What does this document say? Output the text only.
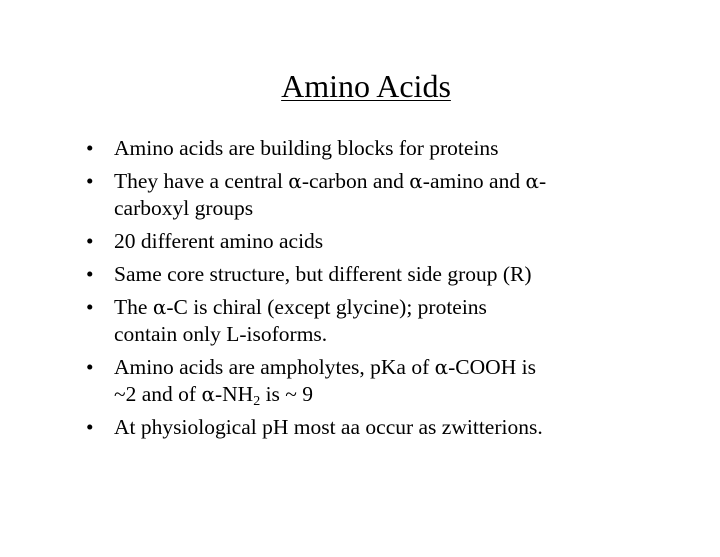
Amino Acids
• Amino acids are building blocks for proteins
• They have a central α-carbon and α-amino and α-
carboxyl groups
• 20 different amino acids
• Same core structure, but different side group (R)
• The α-C is chiral (except glycine); proteins
contain only L-isoforms.
• Amino acids are ampholytes, pKa of α-COOH is
~2 and of $\alpha-NH_2$ is ~ 9
• At physiological pH most aa occur as zwitterions.
